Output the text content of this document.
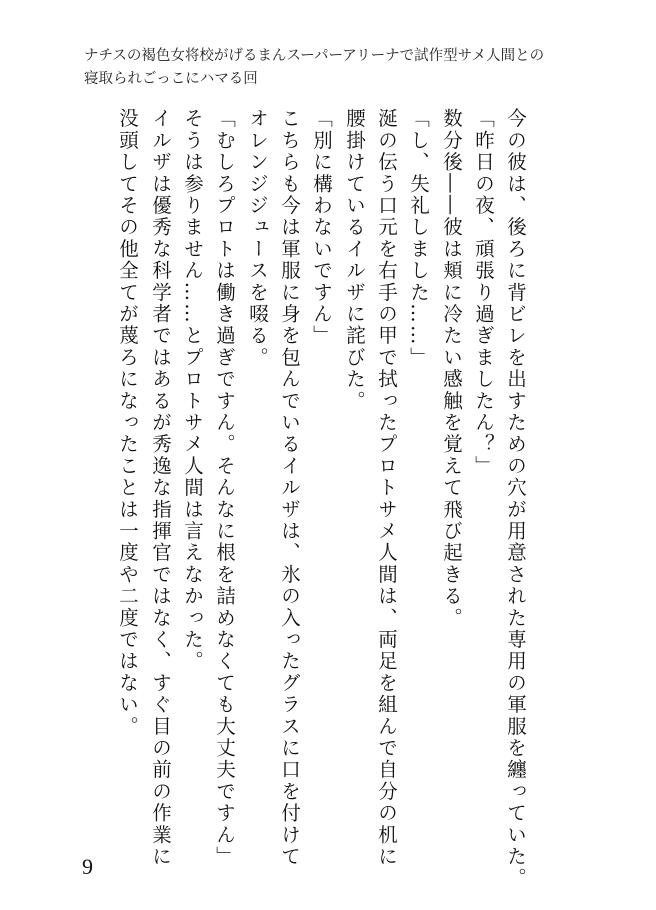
ナチスの褐色女将校がげるまんスーパーアリーナで試作型サメ人間との
寝取られごっこにハマる回
今の彼は、後ろに背ビレを出すための穴が用意された専用の軍服を纏っていた。
「昨日の夜、頑張り過ぎましたん？」
数分後――彼は頬に冷たい感触を覚えて飛び起きる。
「し、失礼しました……」
涎の伝う口元を右手の甲で拭ったプロトサメ人間は、両足を組んで自分の机に
腰掛けているイルザに詫びた。
「別に構わないですん」
こちらも今は軍服に身を包んでいるイルザは、氷の入ったグラスに口を付けて
オレンジジュースを啜る。
「むしろプロトは働き過ぎですん。そんなに根を詰めなくても大丈夫ですん」
そうは参りません……とプロトサメ人間は言えなかった。
イルザは優秀な科学者ではあるが秀逸な指揮官ではなく、すぐ目の前の作業に
没頭してその他全てが蔑ろになったことは一度や二度ではない。
9
